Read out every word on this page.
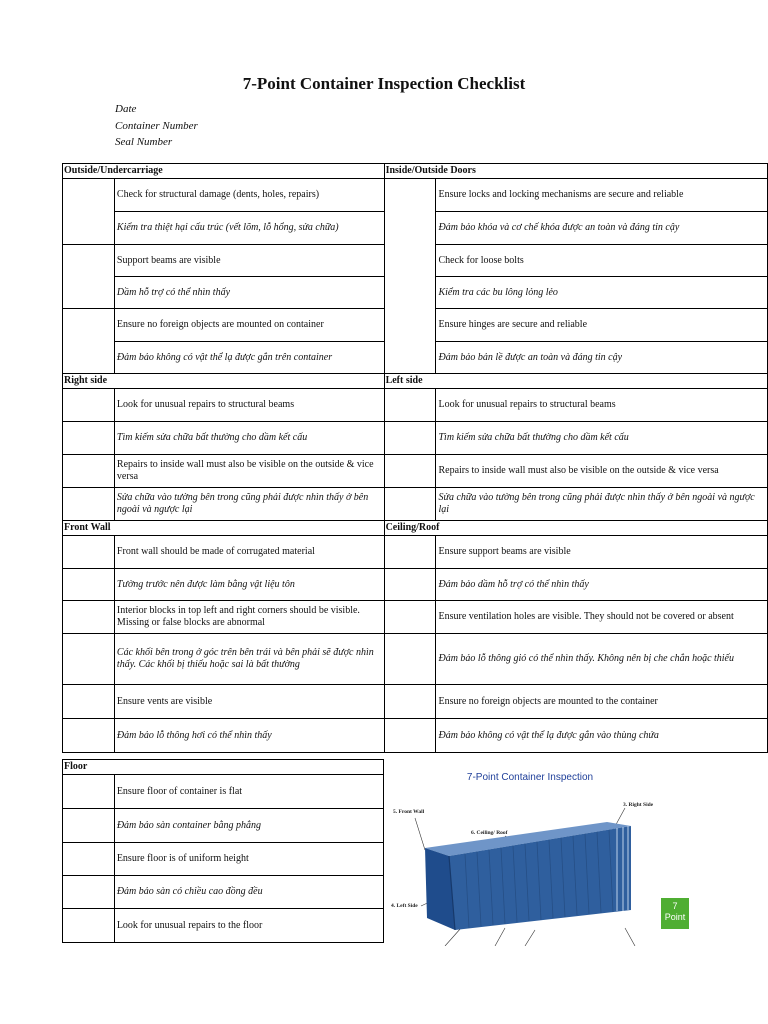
7-Point Container Inspection Checklist
Date
Container Number
Seal Number
Outside/Undercarriage		Inside/Outside Doors	
	Check for structural damage (dents, holes, repairs)		Ensure locks and locking mechanisms are secure and reliable
	Kiểm tra thiệt hại cấu trúc (vết lõm, lỗ hổng, sửa chữa)		Đảm bảo khóa và cơ chế khóa được an toàn và đáng tin cậy
	Support beams are visible		Check for loose bolts
	Dầm hỗ trợ có thể nhìn thấy		Kiểm tra các bu lông lỏng lẻo
	Ensure no foreign objects are mounted on container		Ensure hinges are secure and reliable
	Đảm bảo không có vật thể lạ được gắn trên container		Đảm bảo bản lề được an toàn và đáng tin cậy
Right side		Left side	
	Look for unusual repairs to structural beams		Look for unusual repairs to structural beams
	Tìm kiếm sửa chữa bất thường cho dầm kết cấu		Tìm kiếm sửa chữa bất thường cho dầm kết cấu
	Repairs to inside wall must also be visible on the outside & vice versa		Repairs to inside wall must also be visible on the outside & vice versa
	Sửa chữa vào tường bên trong cũng phải được nhìn thấy ở bên ngoài và ngược lại		Sửa chữa vào tường bên trong cũng phải được nhìn thấy ở bên ngoài và ngược lại
Front Wall		Ceiling/Roof	
	Front wall should be made of corrugated material		Ensure support beams are visible
	Tường trước nên được làm bằng vật liệu tôn		Đảm bảo dầm hỗ trợ có thể nhìn thấy
	Interior blocks in top left and right corners should be visible. Missing or false blocks are abnormal		Ensure ventilation holes are visible. They should not be covered or absent
	Các khối bên trong ở góc trên bên trái và bên phải sẽ được nhìn thấy. Các khối bị thiếu hoặc sai là bất thường		Đảm bảo lỗ thông gió có thể nhìn thấy. Không nên bị che chắn hoặc thiếu
	Ensure vents are visible		Ensure no foreign objects are mounted to the container
	Đảm bảo lỗ thông hơi có thể nhìn thấy		Đảm bảo không có vật thể lạ được gắn vào thùng chứa
Floor	
	Ensure floor of container is flat
	Đảm bảo sàn container bằng phẳng
	Ensure floor is of uniform height
	Đảm bảo sàn có chiều cao đồng đều
	Look for unusual repairs to the floor
7-Point Container Inspection
5. Front Wall
6. Ceiling/ Roof
3. Right Side
4. Left Side	7
Point
